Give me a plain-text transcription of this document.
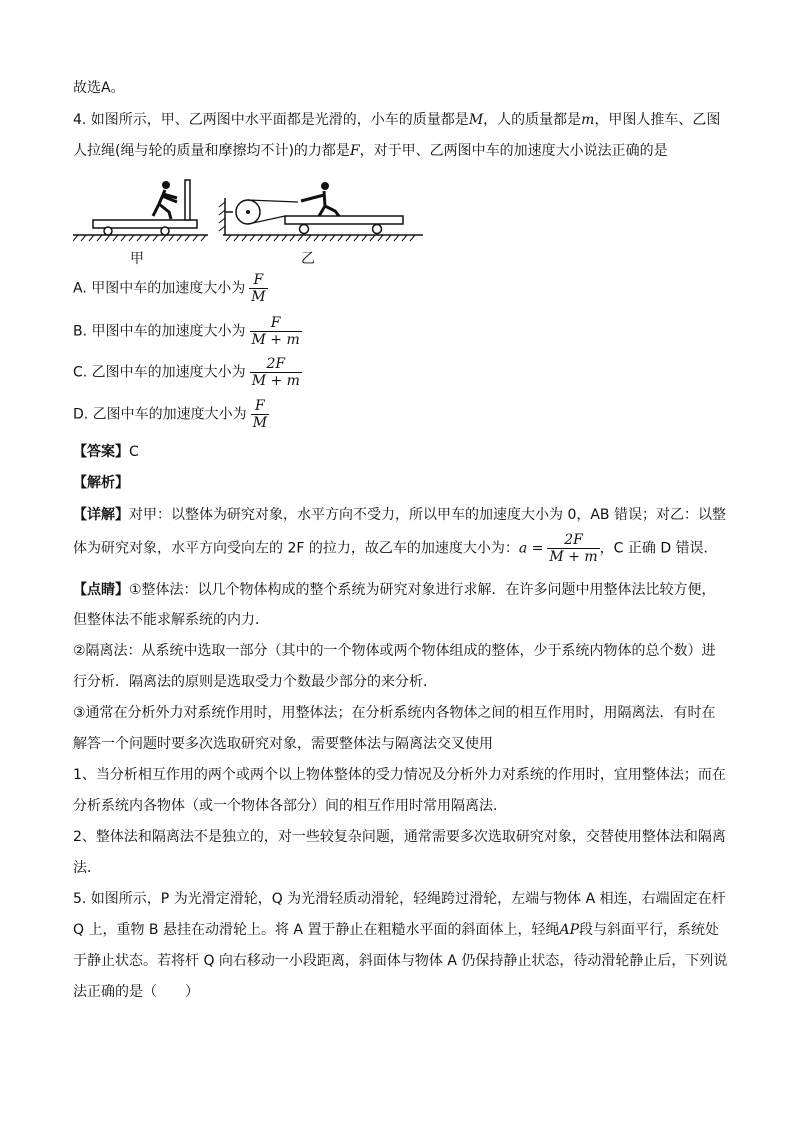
故选A。
4. 如图所示，甲、乙两图中水平面都是光滑的，小车的质量都是M，人的质量都是m，甲图人推车、乙图
人拉绳(绳与轮的质量和摩擦均不计)的力都是F，对于甲、乙两图中车的加速度大小说法正确的是
甲	乙
A. 甲图中车的加速度大小为 $\frac{F}{M}$
B. 甲图中车的加速度大小为 $\frac{F}{M + m}$
C. 乙图中车的加速度大小为 $\frac{2F}{M + m}$
D. 乙图中车的加速度大小为 $\frac{F}{M}$
【答案】C
【解析】
【详解】对甲：以整体为研究对象，水平方向不受力，所以甲车的加速度大小为 0，AB 错误；对乙：以整
体为研究对象，水平方向受向左的 2F 的拉力，故乙车的加速度大小为：$a = \frac{2F}{M + m}$ ，C 正确 D 错误．
【点睛】①整体法：以几个物体构成的整个系统为研究对象进行求解．在许多问题中用整体法比较方便，
但整体法不能求解系统的内力．
②隔离法：从系统中选取一部分（其中的一个物体或两个物体组成的整体，少于系统内物体的总个数）进
行分析．隔离法的原则是选取受力个数最少部分的来分析．
③通常在分析外力对系统作用时，用整体法；在分析系统内各物体之间的相互作用时，用隔离法．有时在
解答一个问题时要多次选取研究对象，需要整体法与隔离法交叉使用
1、当分析相互作用的两个或两个以上物体整体的受力情况及分析外力对系统的作用时，宜用整体法；而在
分析系统内各物体（或一个物体各部分）间的相互作用时常用隔离法．
2、整体法和隔离法不是独立的，对一些较复杂问题，通常需要多次选取研究对象，交替使用整体法和隔离
法．
5. 如图所示，P 为光滑定滑轮，Q 为光滑轻质动滑轮，轻绳跨过滑轮，左端与物体 A 相连，右端固定在杆
Q 上，重物 B 悬挂在动滑轮上。将 A 置于静止在粗糙水平面的斜面体上，轻绳AP段与斜面平行，系统处
于静止状态。若将杆 Q 向右移动一小段距离，斜面体与物体 A 仍保持静止状态，待动滑轮静止后，下列说
法正确的是（　　）
